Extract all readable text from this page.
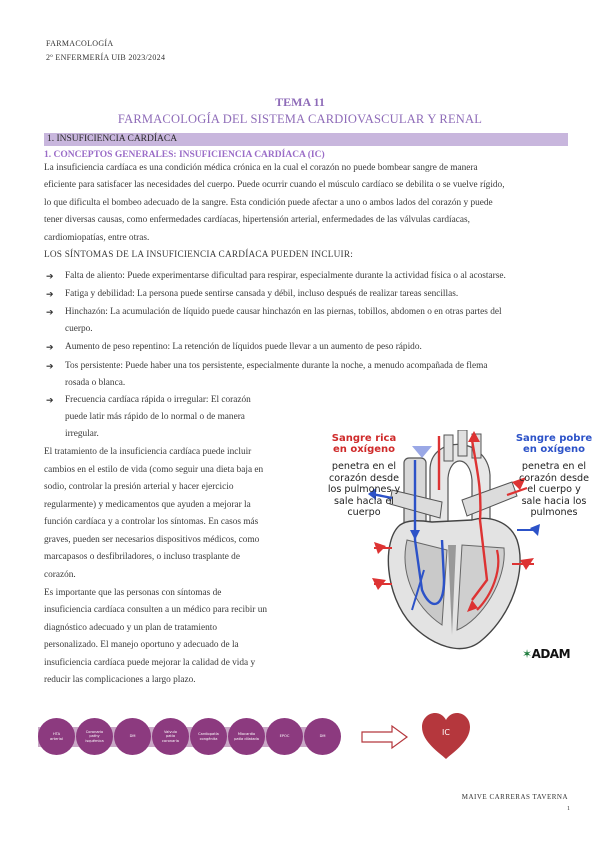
FARMACOLOGÍA
2º ENFERMERÍA UIB 2023/2024
TEMA 11
FARMACOLOGÍA DEL SISTEMA CARDIOVASCULAR Y RENAL
1. INSUFICIENCIA CARDÍACA
1. CONCEPTOS GENERALES: INSUFICIENCIA CARDÍACA (IC)
La insuficiencia cardíaca es una condición médica crónica en la cual el corazón no puede bombear sangre de manera
eficiente para satisfacer las necesidades del cuerpo. Puede ocurrir cuando el músculo cardíaco se debilita o se vuelve rígido,
lo que dificulta el bombeo adecuado de la sangre. Esta condición puede afectar a uno o ambos lados del corazón y puede
tener diversas causas, como enfermedades cardíacas, hipertensión arterial, enfermedades de las válvulas cardíacas,
cardiomiopatías, entre otras.
LOS SÍNTOMAS DE LA INSUFICIENCIA CARDÍACA PUEDEN INCLUIR:
➔ Falta de aliento: Puede experimentarse dificultad para respirar, especialmente durante la actividad física o al acostarse.
➔ Fatiga y debilidad: La persona puede sentirse cansada y débil, incluso después de realizar tareas sencillas.
➔ Hinchazón: La acumulación de líquido puede causar hinchazón en las piernas, tobillos, abdomen o en otras partes del
cuerpo.
➔ Aumento de peso repentino: La retención de líquidos puede llevar a un aumento de peso rápido.
➔ Tos persistente: Puede haber una tos persistente, especialmente durante la noche, a menudo acompañada de flema
rosada o blanca.
➔ Frecuencia cardíaca rápida o irregular: El corazón
puede latir más rápido de lo normal o de manera
irregular.
El tratamiento de la insuficiencia cardíaca puede incluir
cambios en el estilo de vida (como seguir una dieta baja en
sodio, controlar la presión arterial y hacer ejercicio
regularmente) y medicamentos que ayuden a mejorar la
función cardíaca y a controlar los síntomas. En casos más
graves, pueden ser necesarios dispositivos médicos, como
marcapasos o desfibriladores, o incluso trasplante de
corazón.
Es importante que las personas con síntomas de
insuficiencia cardíaca consulten a un médico para recibir un
diagnóstico adecuado y un plan de tratamiento
personalizado. El manejo oportuno y adecuado de la
insuficiencia cardíaca puede mejorar la calidad de vida y
reducir las complicaciones a largo plazo.
Sangre rica
en oxígeno
penetra en el
corazón desde
los pulmones y
sale hacia el
cuerpo
Sangre pobre
en oxígeno
penetra en el
corazón desde
el cuerpo y
sale hacia los
pulmones
✶ADAM
HTA
arterial
Coronario
pathy isquémica
DM
Valvulo
patía coronaria
Cardiopatía
congénita
Miocardio
patía dilatada
EPOC	DM	IC
MAIVE CARRERAS TAVERNA
1
